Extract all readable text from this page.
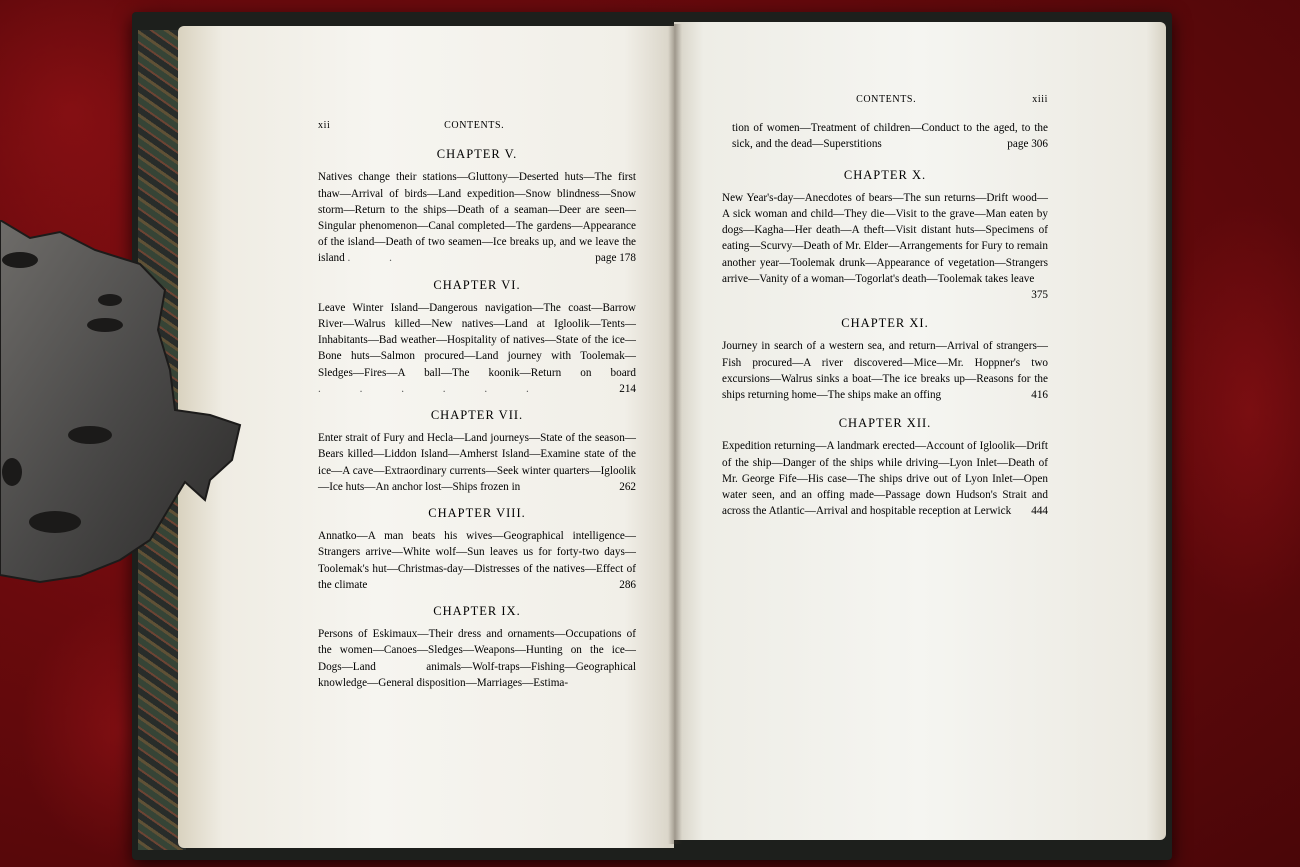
xii	CONTENTS.
CHAPTER V.

Natives change their stations—Gluttony—Deserted huts—The first thaw—Arrival of birds—Land expedition—Snow blindness—Snow storm—Return to the ships—Death of a seaman—Deer are seen—Singular phenomenon—Canal completed—The gardens—Appearance of the island—Death of two seamen—Ice breaks up, and we leave the island . .	page 178

CHAPTER VI.

Leave Winter Island—Dangerous navigation—The coast—Barrow River—Walrus killed—New natives—Land at Igloolik—Tents—Inhabitants—Bad weather—Hospitality of natives—State of the ice—Bone huts—Salmon procured—Land journey with Toolemak—Sledges—Fires—A ball—The koonik—Return on board . . . . . .	214

CHAPTER VII.

Enter strait of Fury and Hecla—Land journeys—State of the season—Bears killed—Liddon Island—Amherst Island—Examine state of the ice—A cave—Extraordinary currents—Seek winter quarters—Igloolik—Ice huts—An anchor lost—Ships frozen in	262

CHAPTER VIII.

Annatko—A man beats his wives—Geographical intelligence—Strangers arrive—White wolf—Sun leaves us for forty-two days—Toolemak's hut—Christmas-day—Distresses of the natives—Effect of the climate	286

CHAPTER IX.

Persons of Eskimaux—Their dress and ornaments—Occupations of the women—Canoes—Sledges—Weapons—Hunting on the ice—Dogs—Land animals—Wolf-traps—Fishing—Geographical knowledge—General disposition—Marriages—Estima-

CONTENTS.	xiii

tion of women—Treatment of children—Conduct to the aged, to the sick, and the dead—Superstitions	page 306

CHAPTER X.

New Year's-day—Anecdotes of bears—The sun returns—Drift wood—A sick woman and child—They die—Visit to the grave—Man eaten by dogs—Kagha—Her death—A theft—Visit distant huts—Specimens of eating—Scurvy—Death of Mr. Elder—Arrangements for Fury to remain another year—Toolemak drunk—Appearance of vegetation—Strangers arrive—Vanity of a woman—Togorlat's death—Toolemak takes leave

375
CHAPTER XI.

Journey in search of a western sea, and return—Arrival of strangers—Fish procured—A river discovered—Mice—Mr. Hoppner's two excursions—Walrus sinks a boat—The ice breaks up—Reasons for the ships returning home—The ships make an offing	416

CHAPTER XII.

Expedition returning—A landmark erected—Account of Igloolik—Drift of the ship—Danger of the ships while driving—Lyon Inlet—Death of Mr. George Fife—His case—The ships drive out of Lyon Inlet—Open water seen, and an offing made—Passage down Hudson's Strait and across the Atlantic—Arrival and hospitable reception at Lerwick 444
